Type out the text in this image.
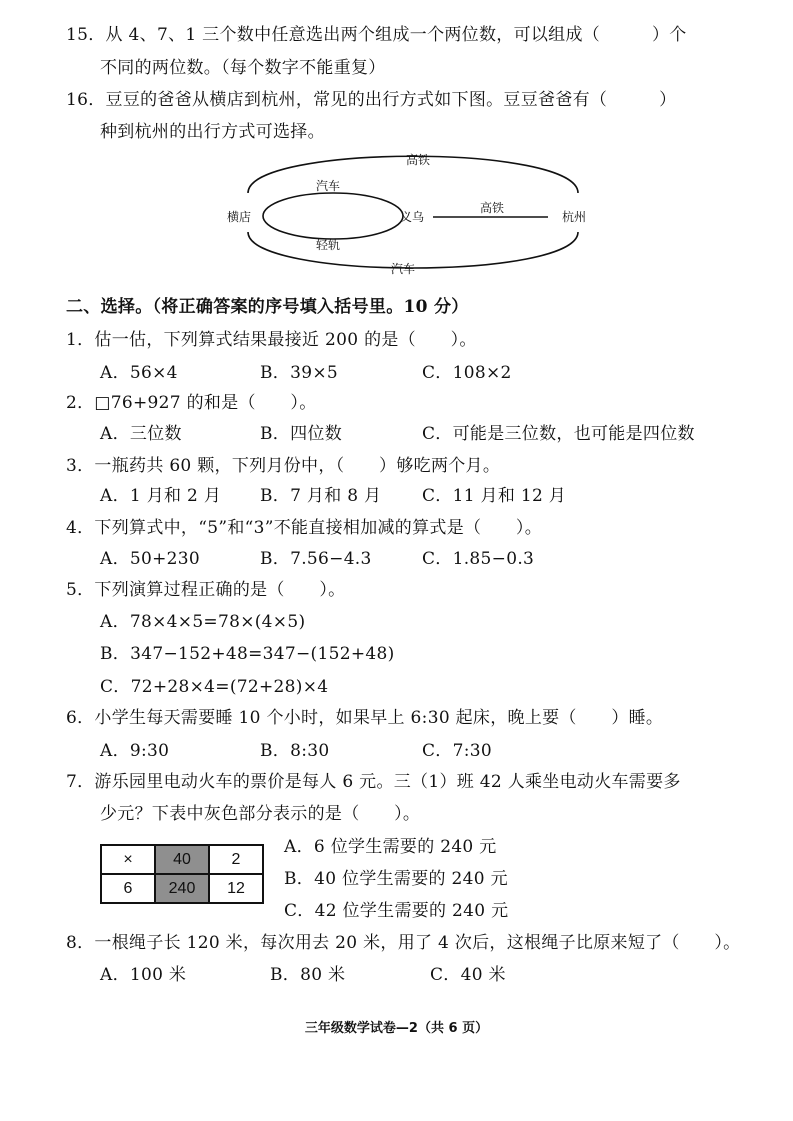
15．从 4、7、1 三个数中任意选出两个组成一个两位数，可以组成（　　　）个
不同的两位数。（每个数字不能重复）
16．豆豆的爸爸从横店到杭州，常见的出行方式如下图。豆豆爸爸有（　　　）
种到杭州的出行方式可选择。
高铁
汽车
横店	义乌
高铁
杭州
轻轨
汽车
二、选择。（将正确答案的序号填入括号里。10 分）
1．估一估，下列算式结果最接近 200 的是（　　）。
A．56×4	B．39×5	C．108×2
2．□76+927 的和是（　　）。
A．三位数	B．四位数	C．可能是三位数，也可能是四位数
3．一瓶药共 60 颗，下列月份中，（　　）够吃两个月。
A．1 月和 2 月 B．7 月和 8 月 C．11 月和 12 月
4．下列算式中，“5”和“3”不能直接相加减的算式是（　　）。
A．50+230	B．7.56−4.3	C．1.85−0.3
5．下列演算过程正确的是（　　）。
A．78×4×5=78×(4×5)
B．347−152+48=347−(152+48)
C．72+28×4=(72+28)×4
6．小学生每天需要睡 10 个小时，如果早上 6:30 起床，晚上要（　　）睡。
A．9:30	B．8:30	C．7:30
7．游乐园里电动火车的票价是每人 6 元。三（1）班 42 人乘坐电动火车需要多
少元？下表中灰色部分表示的是（　　）。
×	40	2
6	240	12
A．6 位学生需要的 240 元
B．40 位学生需要的 240 元
C．42 位学生需要的 240 元
8．一根绳子长 120 米，每次用去 20 米，用了 4 次后，这根绳子比原来短了（　　）。
A．100 米	B．80 米	C．40 米
三年级数学试卷—2（共 6 页）
